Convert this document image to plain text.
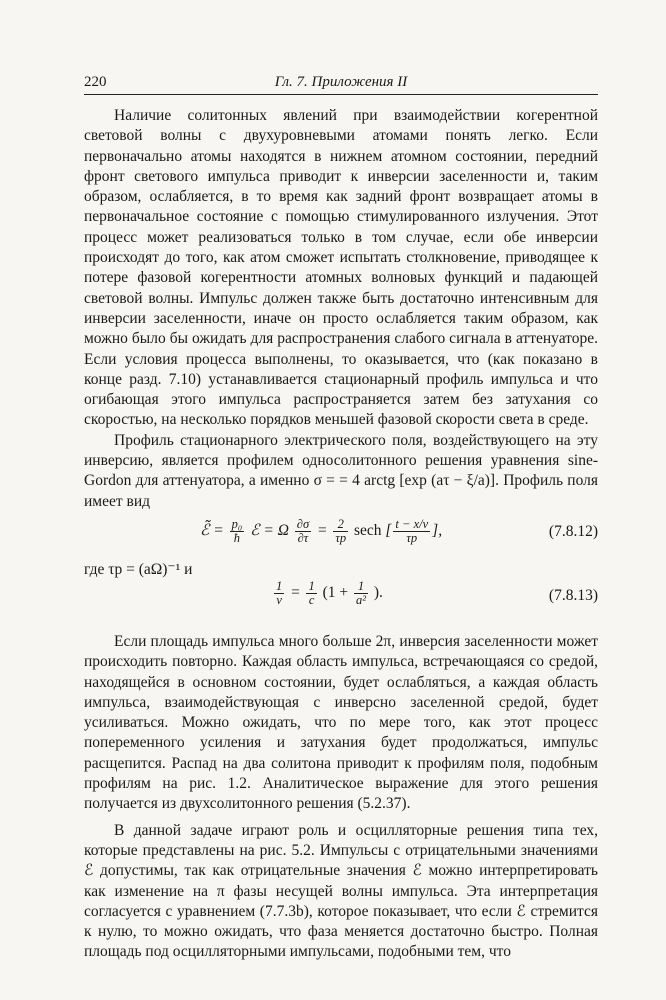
220	Гл. 7. Приложения II

Наличие солитонных явлений при взаимодействии когерентной световой волны с двухуровневыми атомами понять легко. Если первоначально атомы находятся в нижнем атомном состоянии, передний фронт светового импульса приводит к инверсии заселенности и, таким образом, ослабляется, в то время как задний фронт возвращает атомы в первоначальное состояние с помощью стимулированного излучения. Этот процесс может реализоваться только в том случае, если обе инверсии происходят до того, как атом сможет испытать столкновение, приводящее к потере фазовой когерентности атомных волновых функций и падающей световой волны. Импульс должен также быть достаточно интенсивным для инверсии заселенности, иначе он просто ослабляется таким образом, как можно было бы ожидать для распространения слабого сигнала в аттенуаторе. Если условия процесса выполнены, то оказывается, что (как показано в конце разд. 7.10) устанавливается стационарный профиль импульса и что огибающая этого импульса распространяется затем без затухания со скоростью, на несколько порядков меньшей фазовой скорости света в среде.

Профиль стационарного электрического поля, воздействующего на эту инверсию, является профилем односолитонного решения уравнения sine-Gordon для аттенуатора, а именно σ = = 4 arctg [exp (aτ − ξ/a)]. Профиль поля имеет вид

ℰ̃ = $\frac{\text{p₀}}{ħ}$ ℰ = Ω $\frac{\partial\sigma}{\partial\tau} = \frac{2}{\tau p}$ sech [ $\frac{t - x/v}{\tau p}$ ],	(7.8.12)
где τp = (aΩ)⁻¹ и
$\frac{1}{v} = \frac{1}{c} (1 + \frac{1}{\text{a²}}$ ).	(7.8.13)

Если площадь импульса много больше 2π, инверсия заселенности может происходить повторно. Каждая область импульса, встречающаяся со средой, находящейся в основном состоянии, будет ослабляться, а каждая область импульса, взаимодействующая с инверсно заселенной средой, будет усиливаться. Можно ожидать, что по мере того, как этот процесс попеременного усиления и затухания будет продолжаться, импульс расщепится. Распад на два солитона приводит к профилям поля, подобным профилям на рис. 1.2. Аналитическое выражение для этого решения получается из двухсолитонного решения (5.2.37).

В данной задаче играют роль и осцилляторные решения типа тех, которые представлены на рис. 5.2. Импульсы с отрицательными значениями ℰ допустимы, так как отрицательные значения ℰ можно интерпретировать как изменение на π фазы несущей волны импульса. Эта интерпретация согласуется с уравнением (7.7.3b), которое показывает, что если ℰ стремится к нулю, то можно ожидать, что фаза меняется достаточно быстро. Полная площадь под осцилляторными импульсами, подобными тем, что
